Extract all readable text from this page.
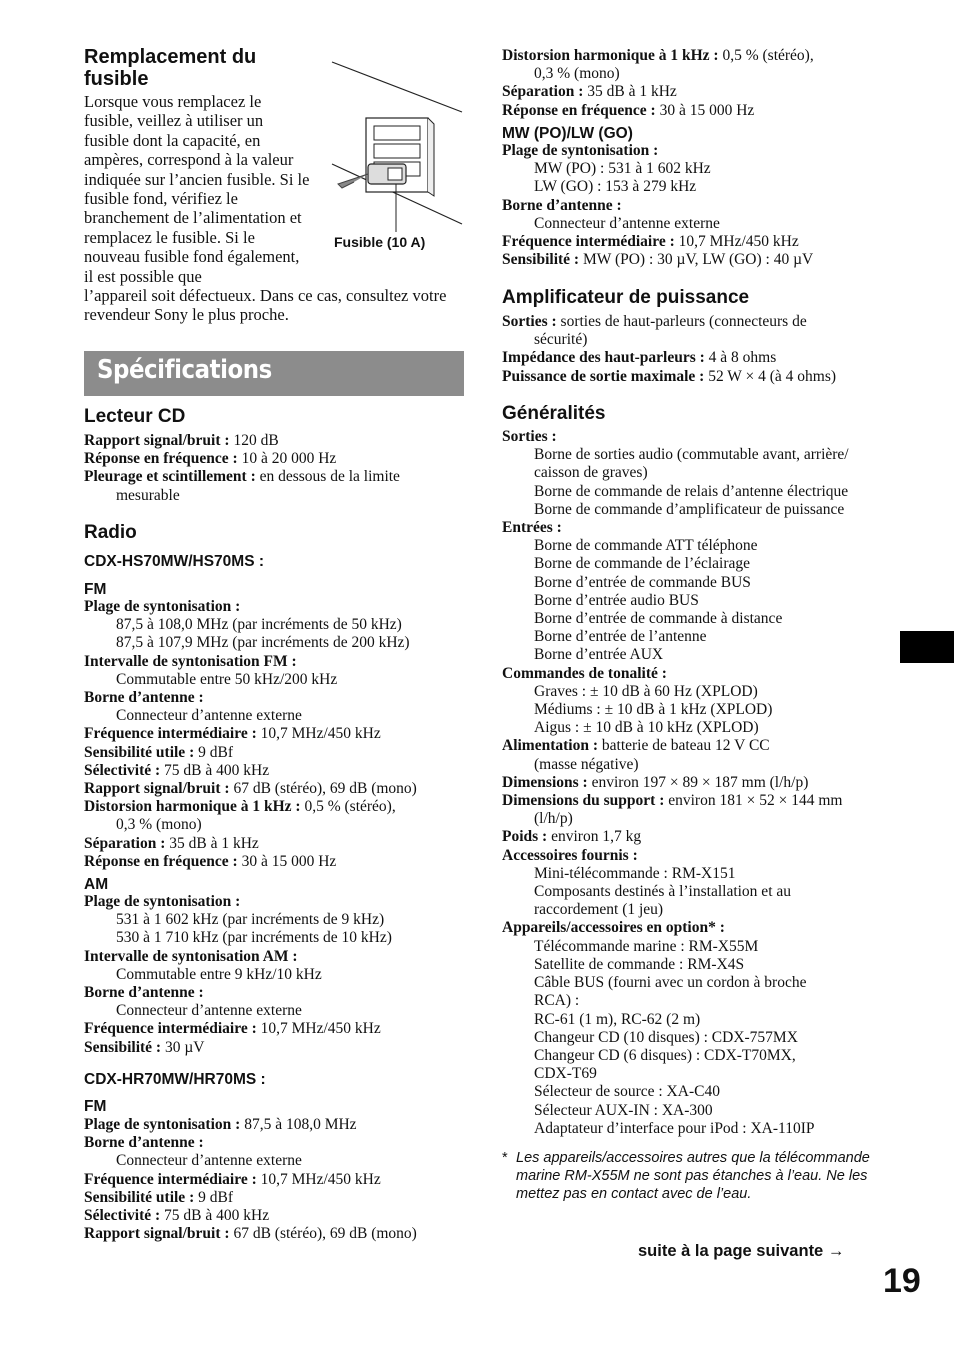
Remplacement du fusible
Lorsque vous remplacez le fusible, veillez à utiliser un fusible dont la capacité, en ampères, correspond à la valeur indiquée sur l’ancien fusible. Si le fusible fond, vérifiez le branchement de l’alimentation et remplacez le fusible. Si le nouveau fusible fond également, il est possible que
l’appareil soit défectueux. Dans ce cas, consultez votre revendeur Sony le plus proche.
Fusible (10 A)
Spécifications
Lecteur CD

Rapport signal/bruit : 120 dB

Réponse en fréquence : 10 à 20 000 Hz

Pleurage et scintillement : en dessous de la limite mesurable

Radio
CDX-HS70MW/HS70MS :
FM

Plage de syntonisation :

87,5 à 108,0 MHz (par incréments de 50 kHz)

87,5 à 107,9 MHz (par incréments de 200 kHz)

Intervalle de syntonisation FM :

Commutable entre 50 kHz/200 kHz

Borne d’antenne :

Connecteur d’antenne externe

Fréquence intermédiaire : 10,7 MHz/450 kHz

Sensibilité utile : 9 dBf

Sélectivité : 75 dB à 400 kHz

Rapport signal/bruit : 67 dB (stéréo), 69 dB (mono)

Distorsion harmonique à 1 kHz : 0,5 % (stéréo),

0,3 % (mono)

Séparation : 35 dB à 1 kHz

Réponse en fréquence : 30 à 15 000 Hz

AM

Plage de syntonisation :

531 à 1 602 kHz (par incréments de 9 kHz)

530 à 1 710 kHz (par incréments de 10 kHz)

Intervalle de syntonisation AM :

Commutable entre 9 kHz/10 kHz

Borne d’antenne :

Connecteur d’antenne externe

Fréquence intermédiaire : 10,7 MHz/450 kHz

Sensibilité : 30 µV

CDX-HR70MW/HR70MS :
FM

Plage de syntonisation : 87,5 à 108,0 MHz

Borne d’antenne :

Connecteur d’antenne externe

Fréquence intermédiaire : 10,7 MHz/450 kHz

Sensibilité utile : 9 dBf

Sélectivité : 75 dB à 400 kHz

Rapport signal/bruit : 67 dB (stéréo), 69 dB (mono)

Distorsion harmonique à 1 kHz : 0,5 % (stéréo),

0,3 % (mono)

Séparation : 35 dB à 1 kHz

Réponse en fréquence : 30 à 15 000 Hz

MW (PO)/LW (GO)

Plage de syntonisation :

MW (PO) : 531 à 1 602 kHz

LW (GO) : 153 à 279 kHz

Borne d’antenne :

Connecteur d’antenne externe

Fréquence intermédiaire : 10,7 MHz/450 kHz

Sensibilité : MW (PO) : 30 µV, LW (GO) : 40 µV

Amplificateur de puissance

Sorties : sorties de haut-parleurs (connecteurs de

sécurité)

Impédance des haut-parleurs : 4 à 8 ohms

Puissance de sortie maximale : 52 W × 4 (à 4 ohms)

Généralités

Sorties :

Borne de sorties audio (commutable avant, arrière/

caisson de graves)

Borne de commande de relais d’antenne électrique

Borne de commande d’amplificateur de puissance

Entrées :

Borne de commande ATT téléphone

Borne de commande de l’éclairage

Borne d’entrée de commande BUS

Borne d’entrée audio BUS

Borne d’entrée de commande à distance

Borne d’entrée de l’antenne

Borne d’entrée AUX

Commandes de tonalité :

Graves : ± 10 dB à 60 Hz (XPLOD)

Médiums : ± 10 dB à 1 kHz (XPLOD)

Aigus : ± 10 dB à 10 kHz (XPLOD)

Alimentation : batterie de bateau 12 V CC

(masse négative)

Dimensions : environ 197 × 89 × 187 mm (l/h/p)

Dimensions du support : environ 181 × 52 × 144 mm

(l/h/p)

Poids : environ 1,7 kg

Accessoires fournis :

Mini-télécommande : RM-X151

Composants destinés à l’installation et au

raccordement (1 jeu)

Appareils/accessoires en option* :

Télécommande marine : RM-X55M

Satellite de commande : RM-X4S

Câble BUS (fourni avec un cordon à broche

RCA) :

RC-61 (1 m), RC-62 (2 m)

Changeur CD (10 disques) : CDX-757MX

Changeur CD (6 disques) : CDX-T70MX,

CDX-T69

Sélecteur de source : XA-C40

Sélecteur AUX-IN : XA-300

Adaptateur d’interface pour iPod : XA-110IP

* Les appareils/accessoires autres que la télécommande marine RM-X55M ne sont pas étanches à l’eau. Ne les mettez pas en contact avec de l’eau.
suite à la page suivante →
19
